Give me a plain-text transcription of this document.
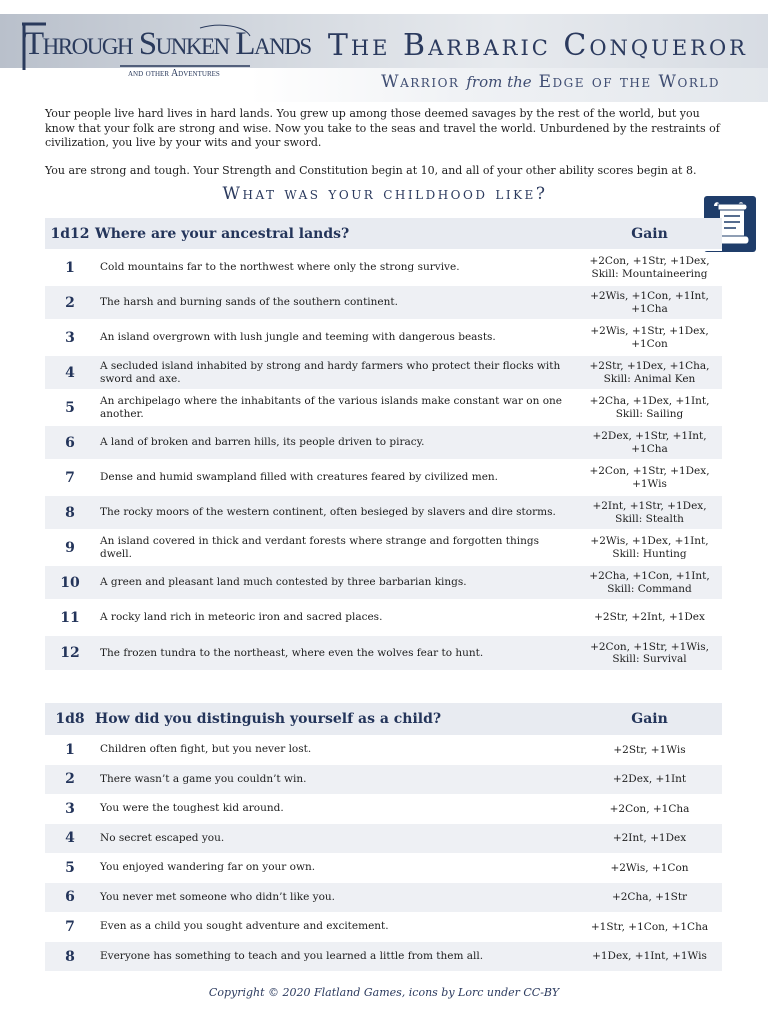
Through Sunken Lands
and other Adventures
The Barbaric Conqueror
Warrior from the Edge of the World

Your people live hard lives in hard lands. You grew up among those deemed savages by the rest of the world, but you know that your folk are strong and wise. Now you take to the seas and travel the world. Unburdened by the restraints of civilization, you live by your wits and your sword.

You are strong and tough. Your Strength and Constitution begin at 10, and all of your other ability scores begin at 8.

What was your childhood like?
1d12	Where are your ancestral lands?	Gain
1	Cold mountains far to the northwest where only the strong survive.	+2Con, +1Str, +1Dex,
Skill: Mountaineering

2	The harsh and burning sands of the southern continent.	+2Wis, +1Con, +1Int,
+1Cha

3	An island overgrown with lush jungle and teeming with dangerous beasts.	+2Wis, +1Str, +1Dex,
+1Con

4	A secluded island inhabited by strong and hardy farmers who protect their flocks with sword and axe.	+2Str, +1Dex, +1Cha,
Skill: Animal Ken

5	An archipelago where the inhabitants of the various islands make constant war on one another.	+2Cha, +1Dex, +1Int,
Skill: Sailing

6	A land of broken and barren hills, its people driven to piracy.	+2Dex, +1Str, +1Int,
+1Cha

7	Dense and humid swampland filled with creatures feared by civilized men.	+2Con, +1Str, +1Dex,
+1Wis

8	The rocky moors of the western continent, often besieged by slavers and dire storms.	+2Int, +1Str, +1Dex,
Skill: Stealth

9	An island covered in thick and verdant forests where strange and forgotten things dwell.	+2Wis, +1Dex, +1Int,
Skill: Hunting

10	A green and pleasant land much contested by three barbarian kings.	+2Cha, +1Con, +1Int,
Skill: Command

11	A rocky land rich in meteoric iron and sacred places.	+2Str, +2Int, +1Dex

12	The frozen tundra to the northeast, where even the wolves fear to hunt.	+2Con, +1Str, +1Wis,
Skill: Survival
1d8	How did you distinguish yourself as a child?	Gain
1	Children often fight, but you never lost.	+2Str, +1Wis

2	There wasn’t a game you couldn’t win.	+2Dex, +1Int

3	You were the toughest kid around.	+2Con, +1Cha

4	No secret escaped you.	+2Int, +1Dex

5	You enjoyed wandering far on your own.	+2Wis, +1Con

6	You never met someone who didn’t like you.	+2Cha, +1Str

7	Even as a child you sought adventure and excitement.	+1Str, +1Con, +1Cha

8	Everyone has something to teach and you learned a little from them all.	+1Dex, +1Int, +1Wis
Copyright © 2020 Flatland Games, icons by Lorc under CC-BY
